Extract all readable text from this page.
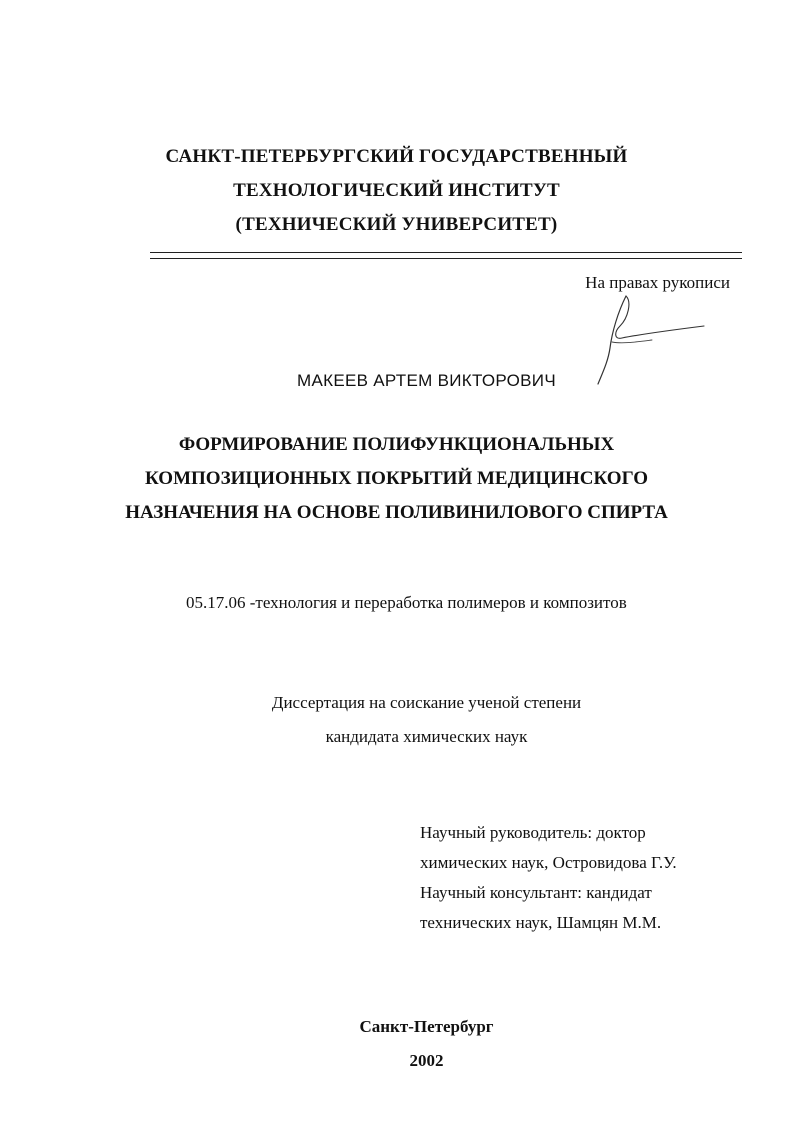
САНКТ-ПЕТЕРБУРГСКИЙ ГОСУДАРСТВЕННЫЙ
ТЕХНОЛОГИЧЕСКИЙ ИНСТИТУТ
(ТЕХНИЧЕСКИЙ УНИВЕРСИТЕТ)
На правах рукописи
МАКЕЕВ АРТЕМ ВИКТОРОВИЧ
ФОРМИРОВАНИЕ ПОЛИФУНКЦИОНАЛЬНЫХ
КОМПОЗИЦИОННЫХ ПОКРЫТИЙ МЕДИЦИНСКОГО
НАЗНАЧЕНИЯ НА ОСНОВЕ ПОЛИВИНИЛОВОГО СПИРТА
05.17.06 -технология и переработка полимеров и композитов
Диссертация на соискание ученой степени
кандидата химических наук
Научный руководитель: доктор
химических наук, Островидова Г.У.
Научный консультант: кандидат
технических наук, Шамцян М.М.
Санкт-Петербург
2002
